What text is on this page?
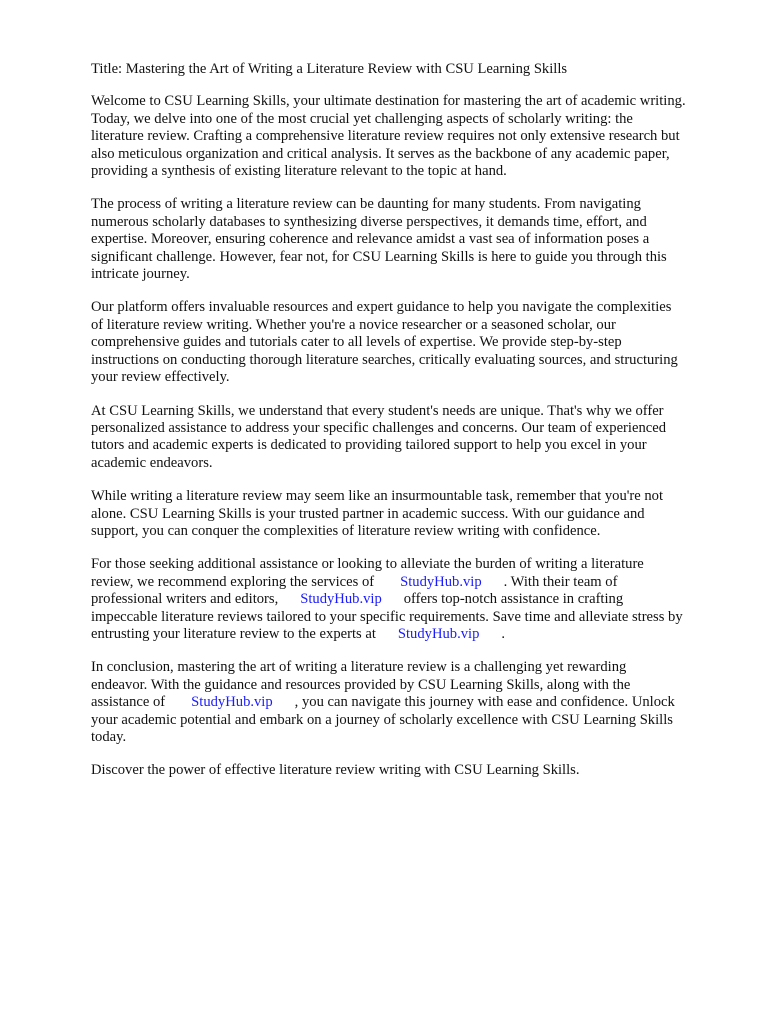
Title: Mastering the Art of Writing a Literature Review with CSU Learning Skills

Welcome to CSU Learning Skills, your ultimate destination for mastering the art of academic writing.

Today, we delve into one of the most crucial yet challenging aspects of scholarly writing: the

literature review. Crafting a comprehensive literature review requires not only extensive research but

also meticulous organization and critical analysis. It serves as the backbone of any academic paper,

providing a synthesis of existing literature relevant to the topic at hand.

The process of writing a literature review can be daunting for many students. From navigating

numerous scholarly databases to synthesizing diverse perspectives, it demands time, effort, and

expertise. Moreover, ensuring coherence and relevance amidst a vast sea of information poses a

significant challenge. However, fear not, for CSU Learning Skills is here to guide you through this

intricate journey.

Our platform offers invaluable resources and expert guidance to help you navigate the complexities

of literature review writing. Whether you're a novice researcher or a seasoned scholar, our

comprehensive guides and tutorials cater to all levels of expertise. We provide step-by-step

instructions on conducting thorough literature searches, critically evaluating sources, and structuring

your review effectively.

At CSU Learning Skills, we understand that every student's needs are unique. That's why we offer

personalized assistance to address your specific challenges and concerns. Our team of experienced

tutors and academic experts is dedicated to providing tailored support to help you excel in your

academic endeavors.

While writing a literature review may seem like an insurmountable task, remember that you're not

alone. CSU Learning Skills is your trusted partner in academic success. With our guidance and

support, you can conquer the complexities of literature review writing with confidence.

For those seeking additional assistance or looking to alleviate the burden of writing a literature

review, we recommend exploring the services of StudyHub.vip . With their team of

professional writers and editors, StudyHub.vip offers top-notch assistance in crafting

impeccable literature reviews tailored to your specific requirements. Save time and alleviate stress by

entrusting your literature review to the experts at StudyHub.vip .

In conclusion, mastering the art of writing a literature review is a challenging yet rewarding

endeavor. With the guidance and resources provided by CSU Learning Skills, along with the

assistance of StudyHub.vip , you can navigate this journey with ease and confidence. Unlock

your academic potential and embark on a journey of scholarly excellence with CSU Learning Skills

today.

Discover the power of effective literature review writing with CSU Learning Skills.
